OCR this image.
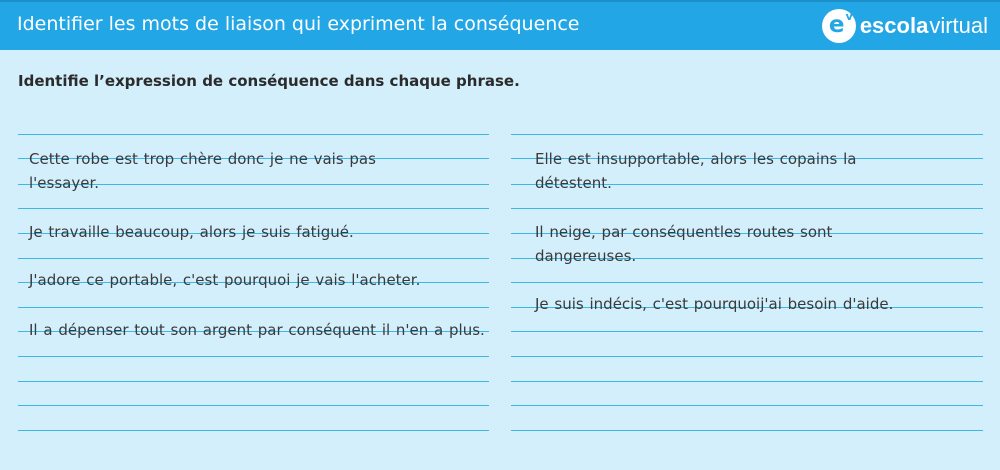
Identifier les mots de liaison qui expriment la conséquence	e v escola virtual
Identifie l’expression de conséquence dans chaque phrase.
Cette robe est trop chère donc je ne vais pas l'essayer.
Je travaille beaucoup, alors je suis fatigué.
J'adore ce portable, c'est pourquoi je vais l'acheter.
Il a dépenser tout son argent par conséquent il n'en a plus.
Elle est insupportable, alors les copains la détestent.
Il neige, par conséquentles routes sont dangereuses.
Je suis indécis, c'est pourquoij'ai besoin d'aide.
